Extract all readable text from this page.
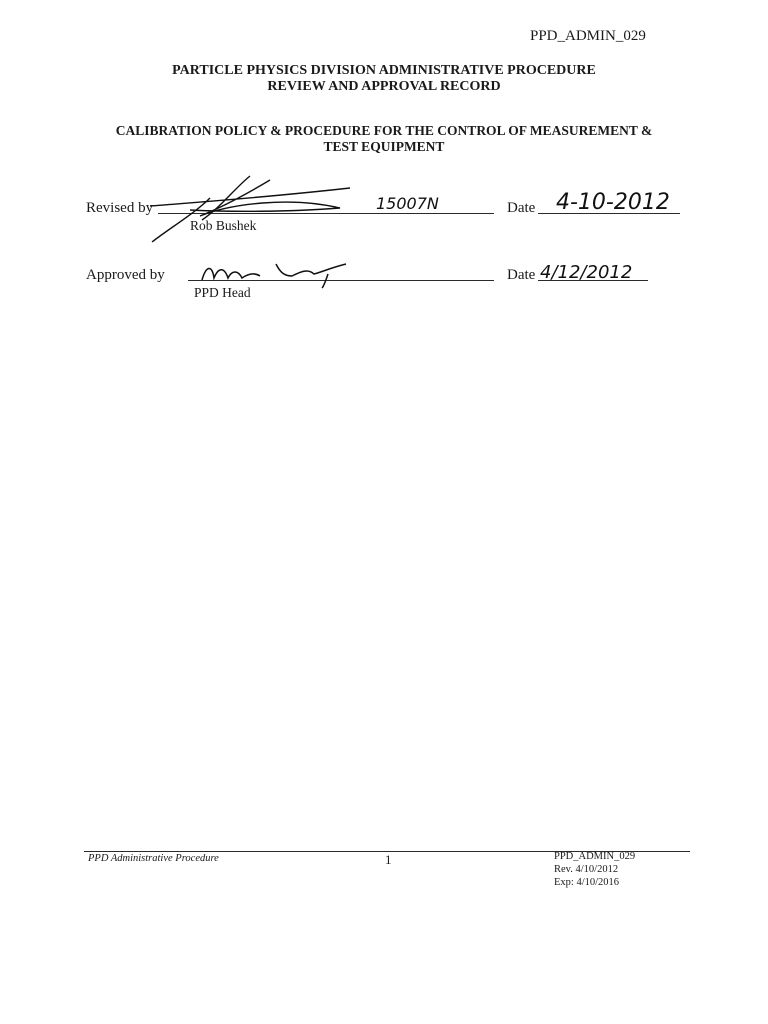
PPD_ADMIN_029
PARTICLE PHYSICS DIVISION ADMINISTRATIVE PROCEDURE
REVIEW AND APPROVAL RECORD
CALIBRATION POLICY & PROCEDURE FOR THE CONTROL OF MEASUREMENT &
TEST EQUIPMENT
Revised by	15007N
Rob Bushek
Date 4-10-2012
Approved by
PPD Head
Date 4/12/2012
PPD Administrative Procedure	1	PPD_ADMIN_029
Rev. 4/10/2012
Exp: 4/10/2016
